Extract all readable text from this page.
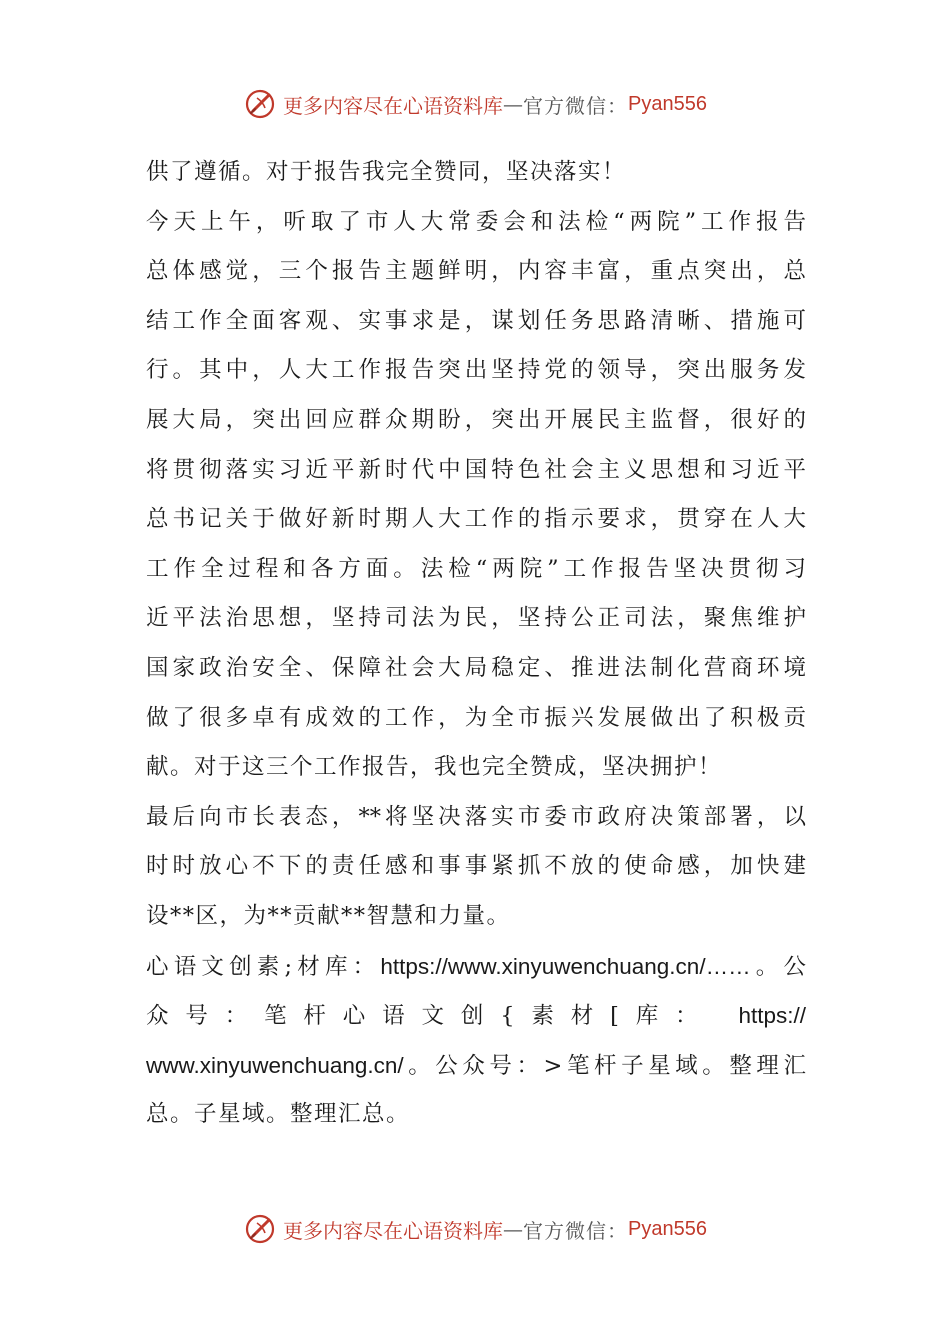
更多内容尽在心语资料库 — 官方微信： Pyan556
供了遵循。对于报告我完全赞同，坚决落实！
今天上午，听取了市人大常委会和法检“两院”工作报告
总体感觉，三个报告主题鲜明，内容丰富，重点突出，总
结工作全面客观、实事求是，谋划任务思路清晰、措施可
行。其中，人大工作报告突出坚持党的领导，突出服务发
展大局，突出回应群众期盼，突出开展民主监督，很好的
将贯彻落实习近平新时代中国特色社会主义思想和习近平
总书记关于做好新时期人大工作的指示要求，贯穿在人大
工作全过程和各方面。法检“两院”工作报告坚决贯彻习
近平法治思想，坚持司法为民，坚持公正司法，聚焦维护
国家政治安全、保障社会大局稳定、推进法制化营商环境
做了很多卓有成效的工作，为全市振兴发展做出了积极贡
献。对于这三个工作报告，我也完全赞成，坚决拥护！
最后向市长表态，**将坚决落实市委市政府决策部署，以
时时放心不下的责任感和事事紧抓不放的使命感，加快建
设**区，为**贡献**智慧和力量。
心语文创素;材库：https://www.xinyuwenchuang.cn/……。公
众号：笔杆心语文创{素材[库： https://
www.xinyuwenchuang.cn/。公众号：>笔杆子星域。整理汇
总。子星域。整理汇总。
更多内容尽在心语资料库 — 官方微信： Pyan556
